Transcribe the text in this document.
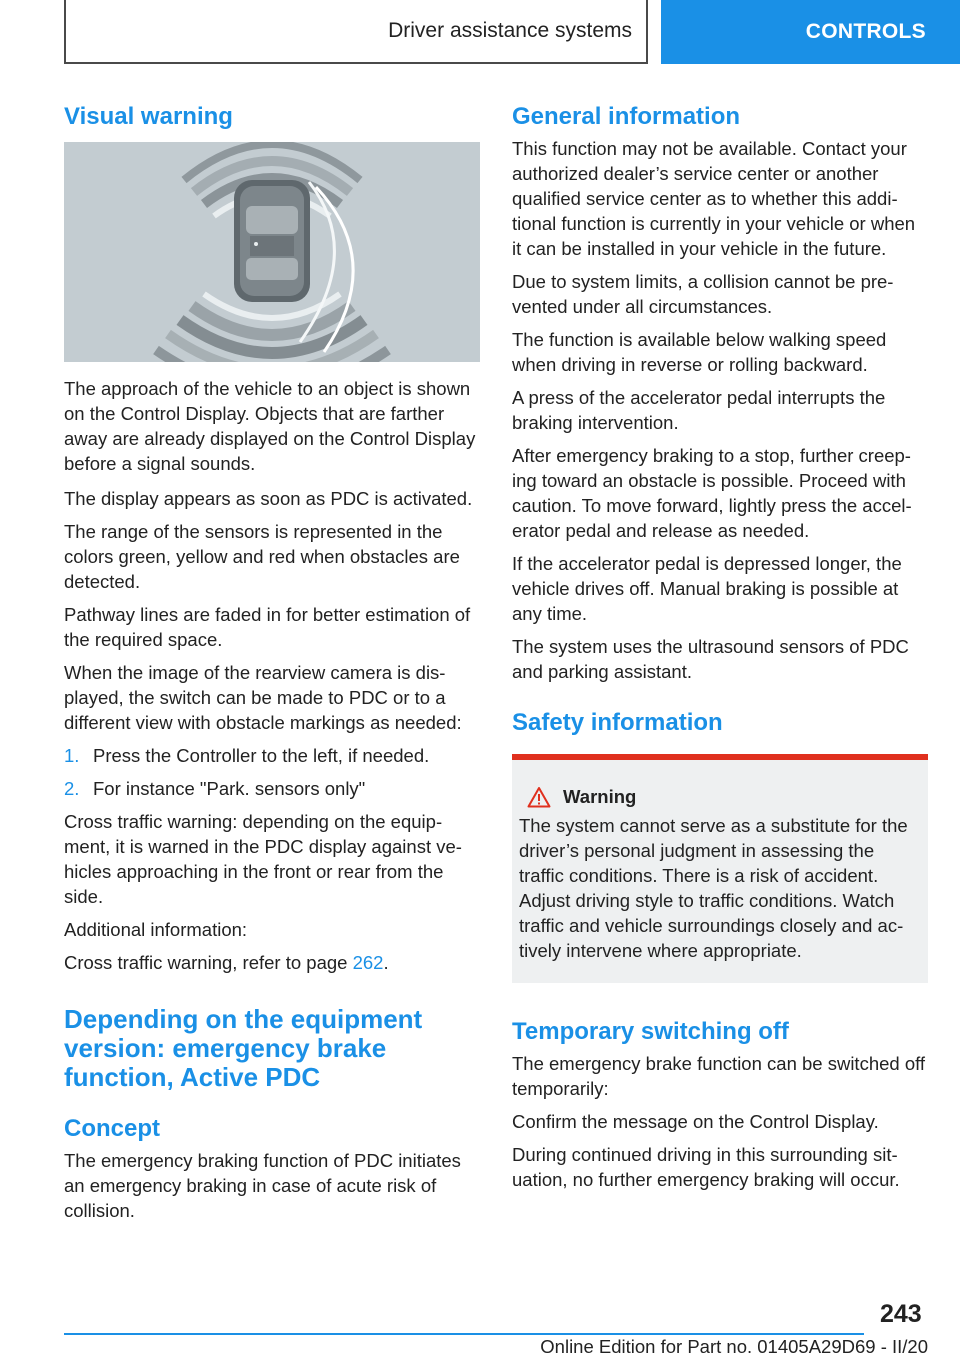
Driver assistance systems	CONTROLS
Visual warning

The approach of the vehicle to an object is shown on the Control Display. Objects that are farther away are already displayed on the Control Display before a signal sounds.

The display appears as soon as PDC is activated.

The range of the sensors is represented in the colors green, yellow and red when obstacles are detected.

Pathway lines are faded in for better estimation of the required space.

When the image of the rearview camera is dis-played, the switch can be made to PDC or to a different view with obstacle markings as needed:

1. Press the Controller to the left, if needed.
2. For instance "Park. sensors only"

Cross traffic warning: depending on the equip-ment, it is warned in the PDC display against ve-hicles approaching in the front or rear from the side.

Additional information:

Cross traffic warning, refer to page 262.

Depending on the equipment version: emergency brake function, Active PDC
Concept

The emergency braking function of PDC initiates an emergency braking in case of acute risk of collision.

General information

This function may not be available. Contact your authorized dealer’s service center or another qualified service center as to whether this addi-tional function is currently in your vehicle or when it can be installed in your vehicle in the future.

Due to system limits, a collision cannot be pre-vented under all circumstances.

The function is available below walking speed when driving in reverse or rolling backward.

A press of the accelerator pedal interrupts the braking intervention.

After emergency braking to a stop, further creep-ing toward an obstacle is possible. Proceed with caution. To move forward, lightly press the accel-erator pedal and release as needed.

If the accelerator pedal is depressed longer, the vehicle drives off. Manual braking is possible at any time.

The system uses the ultrasound sensors of PDC and parking assistant.

Safety information
Warning

The system cannot serve as a substitute for the driver’s personal judgment in assessing the traffic conditions. There is a risk of accident. Adjust driving style to traffic conditions. Watch traffic and vehicle surroundings closely and ac-tively intervene where appropriate.

Temporary switching off

The emergency brake function can be switched off temporarily:

Confirm the message on the Control Display.

During continued driving in this surrounding sit-uation, no further emergency braking will occur.

243
Online Edition for Part no. 01405A29D69 - II/20
